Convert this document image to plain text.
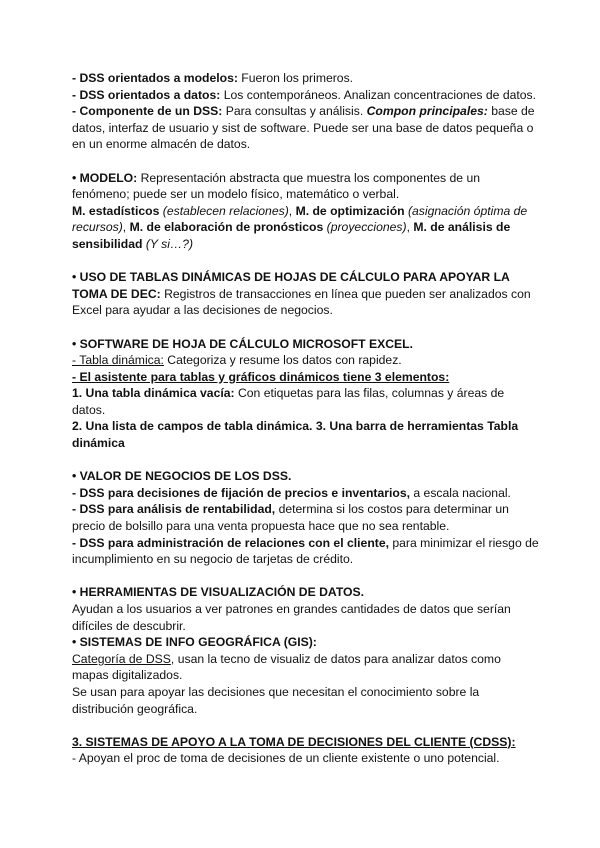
- DSS orientados a modelos: Fueron los primeros.

- DSS orientados a datos: Los contemporáneos. Analizan concentraciones de datos.

- Componente de un DSS: Para consultas y análisis. Compon principales: base de datos, interfaz de usuario y sist de software. Puede ser una base de datos pequeña o en un enorme almacén de datos.

• MODELO: Representación abstracta que muestra los componentes de un fenómeno; puede ser un modelo físico, matemático o verbal.

M. estadísticos (establecen relaciones), M. de optimización (asignación óptima de recursos), M. de elaboración de pronósticos (proyecciones), M. de análisis de sensibilidad (Y si…?)

• USO DE TABLAS DINÁMICAS DE HOJAS DE CÁLCULO PARA APOYAR LA TOMA DE DEC: Registros de transacciones en línea que pueden ser analizados con Excel para ayudar a las decisiones de negocios.

• SOFTWARE DE HOJA DE CÁLCULO MICROSOFT EXCEL.

- Tabla dinámica: Categoriza y resume los datos con rapidez.

- El asistente para tablas y gráficos dinámicos tiene 3 elementos:

1. Una tabla dinámica vacía: Con etiquetas para las filas, columnas y áreas de datos.

2. Una lista de campos de tabla dinámica. 3. Una barra de herramientas Tabla dinámica

• VALOR DE NEGOCIOS DE LOS DSS.

- DSS para decisiones de fijación de precios e inventarios, a escala nacional.

- DSS para análisis de rentabilidad, determina si los costos para determinar un precio de bolsillo para una venta propuesta hace que no sea rentable.

- DSS para administración de relaciones con el cliente, para minimizar el riesgo de incumplimiento en su negocio de tarjetas de crédito.

• HERRAMIENTAS DE VISUALIZACIÓN DE DATOS.

Ayudan a los usuarios a ver patrones en grandes cantidades de datos que serían difíciles de descubrir.

• SISTEMAS DE INFO GEOGRÁFICA (GIS):

Categoría de DSS, usan la tecno de visualiz de datos para analizar datos como mapas digitalizados.

Se usan para apoyar las decisiones que necesitan el conocimiento sobre la distribución geográfica.

3. SISTEMAS DE APOYO A LA TOMA DE DECISIONES DEL CLIENTE (CDSS):

- Apoyan el proc de toma de decisiones de un cliente existente o uno potencial.
